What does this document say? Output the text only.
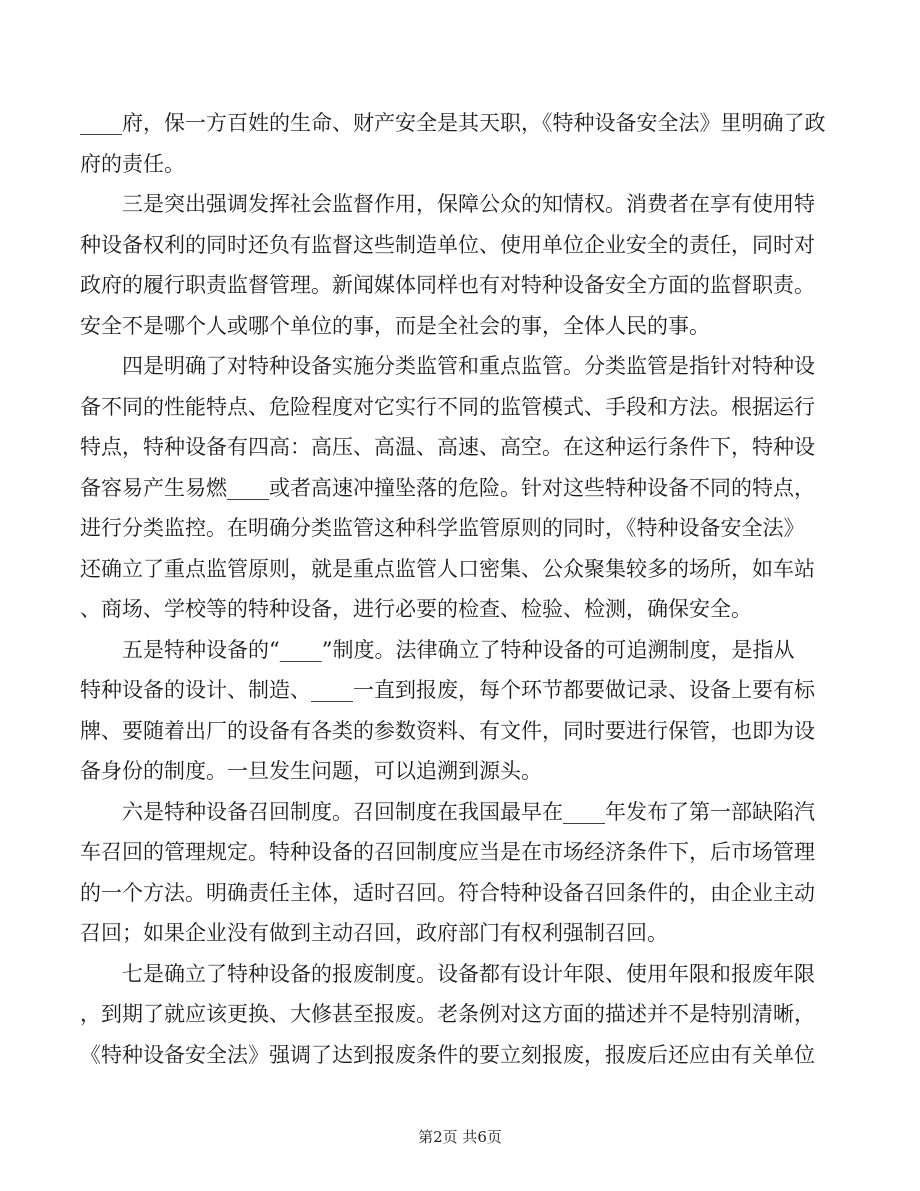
____府，保一方百姓的生命、财产安全是其天职，《特种设备安全法》里明确了政
府的责任。

三是突出强调发挥社会监督作用，保障公众的知情权。消费者在享有使用特
种设备权利的同时还负有监督这些制造单位、使用单位企业安全的责任，同时对
政府的履行职责监督管理。新闻媒体同样也有对特种设备安全方面的监督职责。
安全不是哪个人或哪个单位的事，而是全社会的事，全体人民的事。

四是明确了对特种设备实施分类监管和重点监管。分类监管是指针对特种设
备不同的性能特点、危险程度对它实行不同的监管模式、手段和方法。根据运行
特点，特种设备有四高：高压、高温、高速、高空。在这种运行条件下，特种设
备容易产生易燃____或者高速冲撞坠落的危险。针对这些特种设备不同的特点，
进行分类监控。在明确分类监管这种科学监管原则的同时，《特种设备安全法》
还确立了重点监管原则，就是重点监管人口密集、公众聚集较多的场所，如车站
、商场、学校等的特种设备，进行必要的检查、检验、检测，确保安全。

五是特种设备的“____”制度。法律确立了特种设备的可追溯制度，是指从
特种设备的设计、制造、____一直到报废，每个环节都要做记录、设备上要有标
牌、要随着出厂的设备有各类的参数资料、有文件，同时要进行保管，也即为设
备身份的制度。一旦发生问题，可以追溯到源头。

六是特种设备召回制度。召回制度在我国最早在____年发布了第一部缺陷汽
车召回的管理规定。特种设备的召回制度应当是在市场经济条件下，后市场管理
的一个方法。明确责任主体，适时召回。符合特种设备召回条件的，由企业主动
召回；如果企业没有做到主动召回，政府部门有权利强制召回。

七是确立了特种设备的报废制度。设备都有设计年限、使用年限和报废年限
，到期了就应该更换、大修甚至报废。老条例对这方面的描述并不是特别清晰，
《特种设备安全法》强调了达到报废条件的要立刻报废，报废后还应由有关单位

第2页 共6页
